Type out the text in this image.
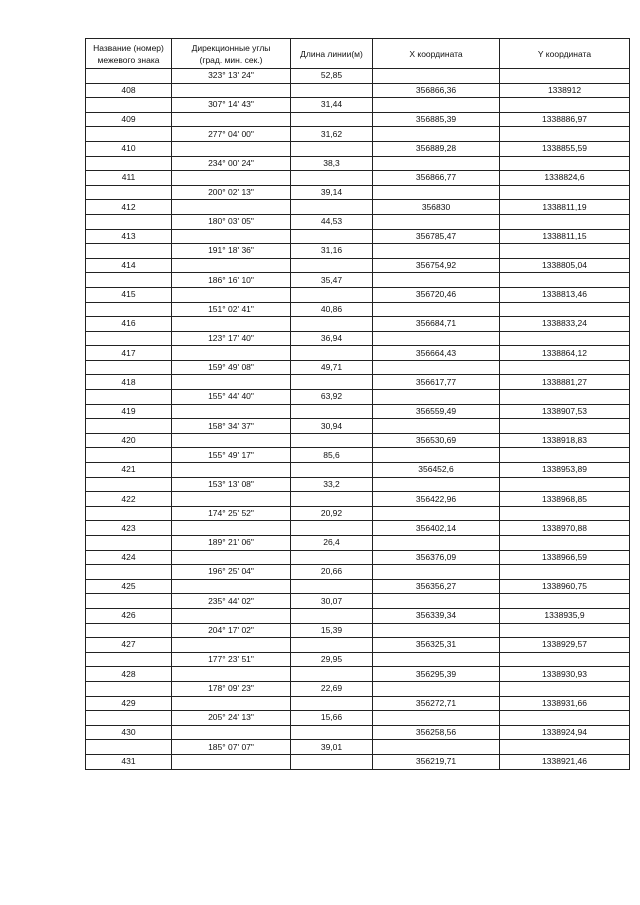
Название (номер)
межевого знака	Дирекционные углы
(град. мин. сек.)	Длина линии(м)	X координата	Y координата
	323° 13' 24"	52,85		
408			356866,36	1338912
	307° 14' 43"	31,44		
409			356885,39	1338886,97
	277° 04' 00"	31,62		
410			356889,28	1338855,59
	234° 00' 24"	38,3		
411			356866,77	1338824,6
	200° 02' 13"	39,14		
412			356830	1338811,19
	180° 03' 05"	44,53		
413			356785,47	1338811,15
	191° 18' 36"	31,16		
414			356754,92	1338805,04
	186° 16' 10"	35,47		
415			356720,46	1338813,46
	151° 02' 41"	40,86		
416			356684,71	1338833,24
	123° 17' 40"	36,94		
417			356664,43	1338864,12
	159° 49' 08"	49,71		
418			356617,77	1338881,27
	155° 44' 40"	63,92		
419			356559,49	1338907,53
	158° 34' 37"	30,94		
420			356530,69	1338918,83
	155° 49' 17"	85,6		
421			356452,6	1338953,89
	153° 13' 08"	33,2		
422			356422,96	1338968,85
	174° 25' 52"	20,92		
423			356402,14	1338970,88
	189° 21' 06"	26,4		
424			356376,09	1338966,59
	196° 25' 04"	20,66		
425			356356,27	1338960,75
	235° 44' 02"	30,07		
426			356339,34	1338935,9
	204° 17' 02"	15,39		
427			356325,31	1338929,57
	177° 23' 51"	29,95		
428			356295,39	1338930,93
	178° 09' 23"	22,69		
429			356272,71	1338931,66
	205° 24' 13"	15,66		
430			356258,56	1338924,94
	185° 07' 07"	39,01		
431			356219,71	1338921,46
